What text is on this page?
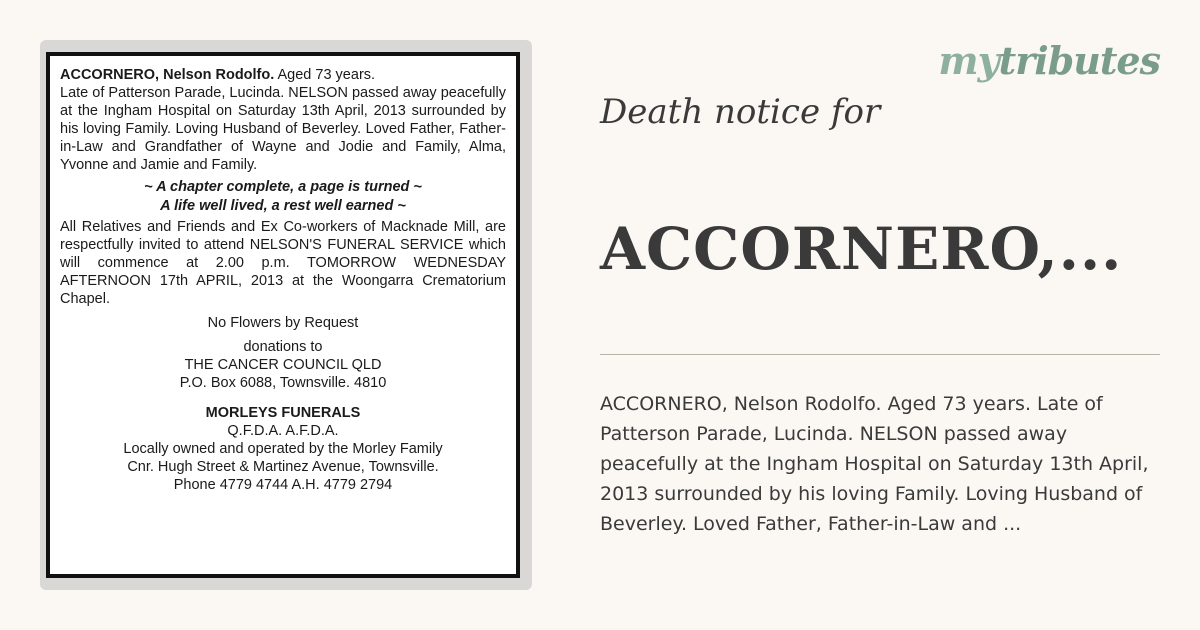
ACCORNERO, Nelson Rodolfo. Aged 73 years.

Late of Patterson Parade, Lucinda. NELSON passed away peacefully at the Ingham Hospital on Saturday 13th April, 2013 surrounded by his loving Family. Loving Husband of Beverley. Loved Father, Father-in-Law and Grandfather of Wayne and Jodie and Family, Alma, Yvonne and Jamie and Family.

~ A chapter complete, a page is turned ~
A life well lived, a rest well earned ~

All Relatives and Friends and Ex Co-workers of Macknade Mill, are respectfully invited to attend NELSON'S FUNERAL SERVICE which will commence at 2.00 p.m. TOMORROW WEDNESDAY AFTERNOON 17th APRIL, 2013 at the Woongarra Crematorium Chapel.

No Flowers by Request

donations to

THE CANCER COUNCIL QLD

P.O. Box 6088, Townsville. 4810

MORLEYS FUNERALS

Q.F.D.A. A.F.D.A.

Locally owned and operated by the Morley Family

Cnr. Hugh Street & Martinez Avenue, Townsville.

Phone 4779 4744 A.H. 4779 2794

mytributes
Death notice for
ACCORNERO,...
ACCORNERO, Nelson Rodolfo. Aged 73 years. Late of Patterson Parade, Lucinda. NELSON passed away peacefully at the Ingham Hospital on Saturday 13th April, 2013 surrounded by his loving Family. Loving Husband of Beverley. Loved Father, Father-in-Law and ...
